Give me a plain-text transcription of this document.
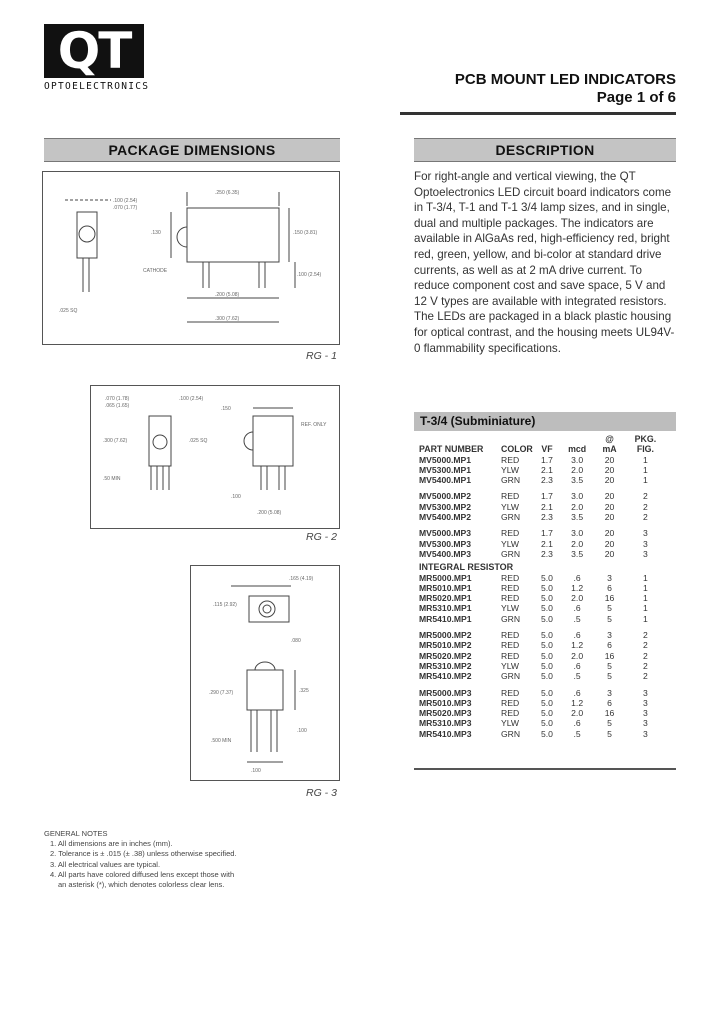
QT
OPTOELECTRONICS	PCB MOUNT LED INDICATORS
Page 1 of 6
PACKAGE DIMENSIONS	DESCRIPTION
For right-angle and vertical viewing, the QT Optoelectronics LED circuit board indicators come in T-3/4, T-1 and T-1 3/4 lamp sizes, and in single, dual and multiple packages. The indicators are available in AlGaAs red, high-efficiency red, bright red, green, yellow, and bi-color at standard drive currents, as well as at 2 mA drive current. To reduce component cost and save space, 5 V and 12 V types are available with integrated resistors. The LEDs are packaged in a black plastic housing for optical contrast, and the housing meets UL94V-0 flammability specifications.
.100 (2.54)
.070 (1.77)
.250 (6.35)
.150 (3.81)
.100 (2.54)
.200 (5.08)
.300 (7.62)
CATHODE
.025 SQ
.130
RG - 1
.070 (1.78)
.065 (1.65)
.100 (2.54)
.300 (7.62)	.025 SQ
.50 MIN
REF. ONLY
.150
.100
.200 (5.08)
RG - 2
.165 (4.19)
.115 (2.92)
.080
.290 (7.37)	.325
.100
.500 MIN
.100
RG - 3
T-3/4 (Subminiature)
				@	PKG.
PART NUMBER	COLOR	VF	mcd	mA	FIG.
MV5000.MP1	RED	1.7	3.0	20	1
MV5300.MP1	YLW	2.1	2.0	20	1
MV5400.MP1	GRN	2.3	3.5	20	1

MV5000.MP2	RED	1.7	3.0	20	2
MV5300.MP2	YLW	2.1	2.0	20	2
MV5400.MP2	GRN	2.3	3.5	20	2

MV5000.MP3	RED	1.7	3.0	20	3
MV5300.MP3	YLW	2.1	2.0	20	3
MV5400.MP3	GRN	2.3	3.5	20	3
INTEGRAL RESISTOR					
MR5000.MP1	RED	5.0	.6	3	1
MR5010.MP1	RED	5.0	1.2	6	1
MR5020.MP1	RED	5.0	2.0	16	1
MR5310.MP1	YLW	5.0	.6	5	1
MR5410.MP1	GRN	5.0	.5	5	1

MR5000.MP2	RED	5.0	.6	3	2
MR5010.MP2	RED	5.0	1.2	6	2
MR5020.MP2	RED	5.0	2.0	16	2
MR5310.MP2	YLW	5.0	.6	5	2
MR5410.MP2	GRN	5.0	.5	5	2

MR5000.MP3	RED	5.0	.6	3	3
MR5010.MP3	RED	5.0	1.2	6	3
MR5020.MP3	RED	5.0	2.0	16	3
MR5310.MP3	YLW	5.0	.6	5	3
MR5410.MP3	GRN	5.0	.5	5	3
GENERAL NOTES
1. All dimensions are in inches (mm).
2. Tolerance is ± .015 (± .38) unless otherwise specified.
3. All electrical values are typical.
4. All parts have colored diffused lens except those with
an asterisk (*), which denotes colorless clear lens.
